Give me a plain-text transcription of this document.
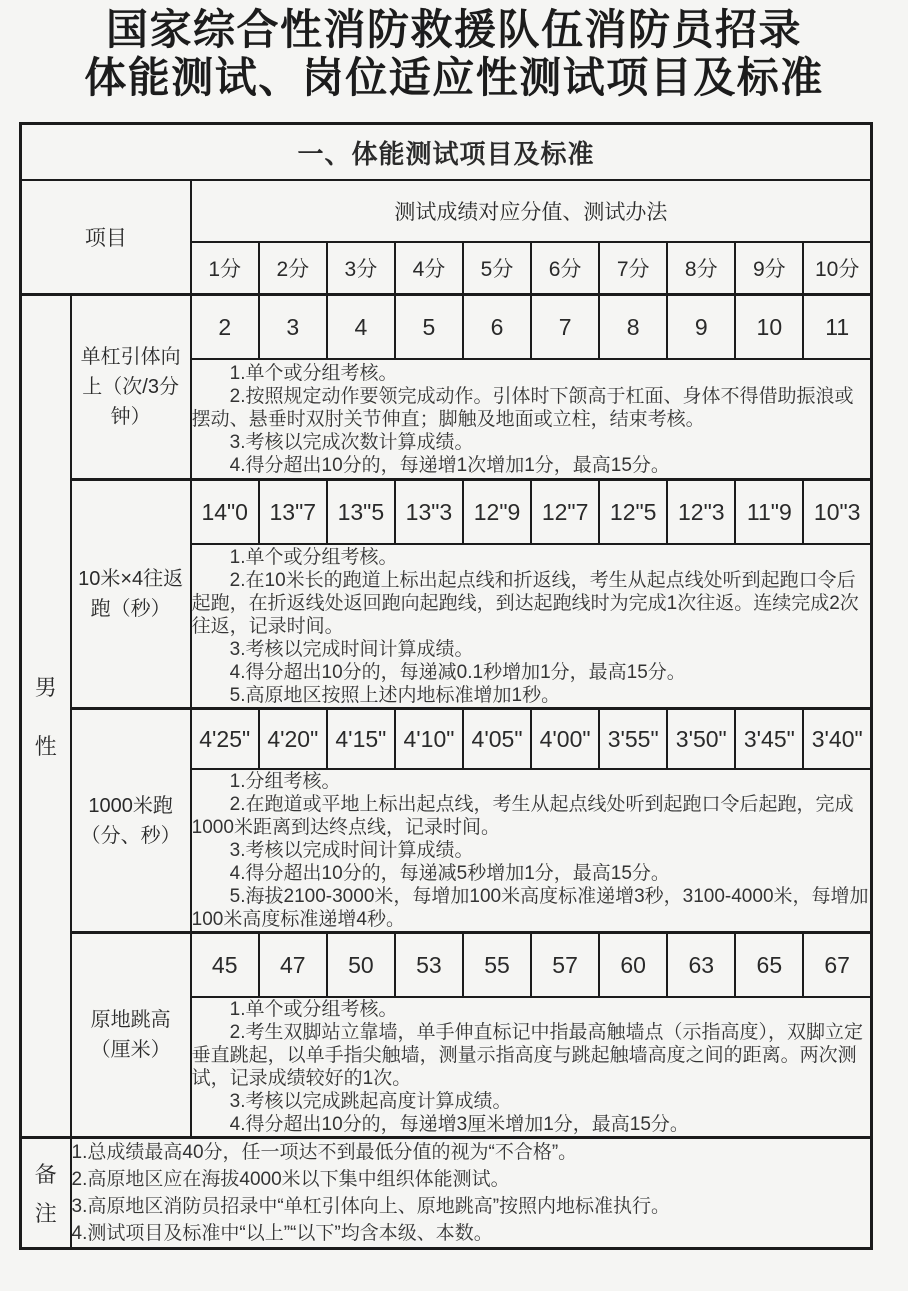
国家综合性消防救援队伍消防员招录
体能测试、岗位适应性测试项目及标准
一、体能测试项目及标准											
项目		测试成绩对应分值、测试办法									
		1分	2分	3分	4分	5分	6分	7分	8分	9分	10分

男
性	单杠引体向上（次/3分钟）	2	3	4	5	6	7	8	9	10	11

		1.单个或分组考核。

2.按照规定动作要领完成动作。引体时下颌高于杠面、身体不得借助振浪或摆动、悬垂时双肘关节伸直；脚触及地面或立柱，结束考核。

3.考核以完成次数计算成绩。

4.得分超出10分的，每递增1次增加1分，最高15分。									

	10米×4往返跑（秒）	14"0	13"7	13"5	13"3	12"9	12"7	12"5	12"3	11"9	10"3

		1.单个或分组考核。

2.在10米长的跑道上标出起点线和折返线，考生从起点线处听到起跑口令后起跑，在折返线处返回跑向起跑线，到达起跑线时为完成1次往返。连续完成2次往返，记录时间。

3.考核以完成时间计算成绩。

4.得分超出10分的，每递减0.1秒增加1分，最高15分。

5.高原地区按照上述内地标准增加1秒。									

	1000米跑（分、秒）	4'25"	4'20"	4'15"	4'10"	4'05"	4'00"	3'55"	3'50"	3'45"	3'40"

		1.分组考核。

2.在跑道或平地上标出起点线，考生从起点线处听到起跑口令后起跑，完成1000米距离到达终点线，记录时间。

3.考核以完成时间计算成绩。

4.得分超出10分的，每递减5秒增加1分，最高15分。

5.海拔2100-3000米，每增加100米高度标准递增3秒，3100-4000米，每增加100米高度标准递增4秒。									

	原地跳高（厘米）	45	47	50	53	55	57	60	63	65	67

		1.单个或分组考核。

2.考生双脚站立靠墙，单手伸直标记中指最高触墙点（示指高度），双脚立定垂直跳起，以单手指尖触墙，测量示指高度与跳起触墙高度之间的距离。两次测试，记录成绩较好的1次。

3.考核以完成跳起高度计算成绩。

4.得分超出10分的，每递增3厘米增加1分，最高15分。									

备
注

1.总成绩最高40分，任一项达不到最低分值的视为“不合格”。

2.高原地区应在海拔4000米以下集中组织体能测试。

3.高原地区消防员招录中“单杠引体向上、原地跳高”按照内地标准执行。

4.测试项目及标准中“以上”“以下”均含本级、本数。
